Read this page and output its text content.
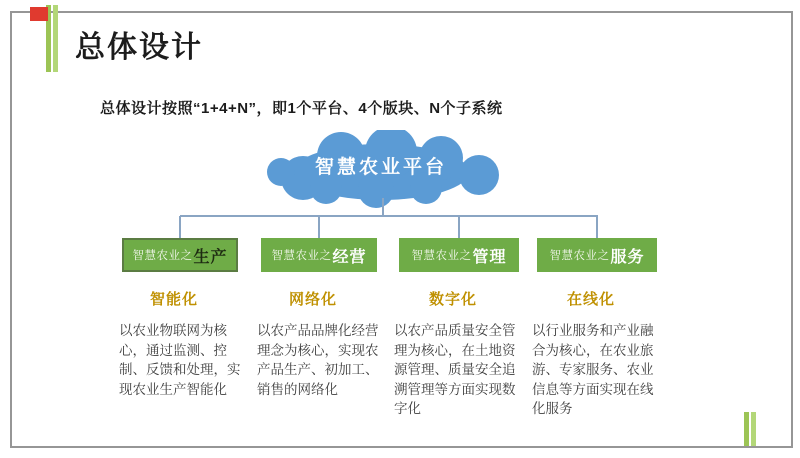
总体设计
总体设计按照“1+4+N”，即1个平台、4个版块、N个子系统
智慧农业平台
智慧农业之 生产	智慧农业之 经营	智慧农业之 管理	智慧农业之 服务
智能化	网络化	数字化	在线化
以农业物联网为核心，通过监测、控制、反馈和处理，实现农业生产智能化
以农产品品牌化经营理念为核心，实现农产品生产、初加工、销售的网络化
以农产品质量安全管理为核心，在土地资源管理、质量安全追溯管理等方面实现数字化
以行业服务和产业融合为核心，在农业旅游、专家服务、农业信息等方面实现在线化服务
